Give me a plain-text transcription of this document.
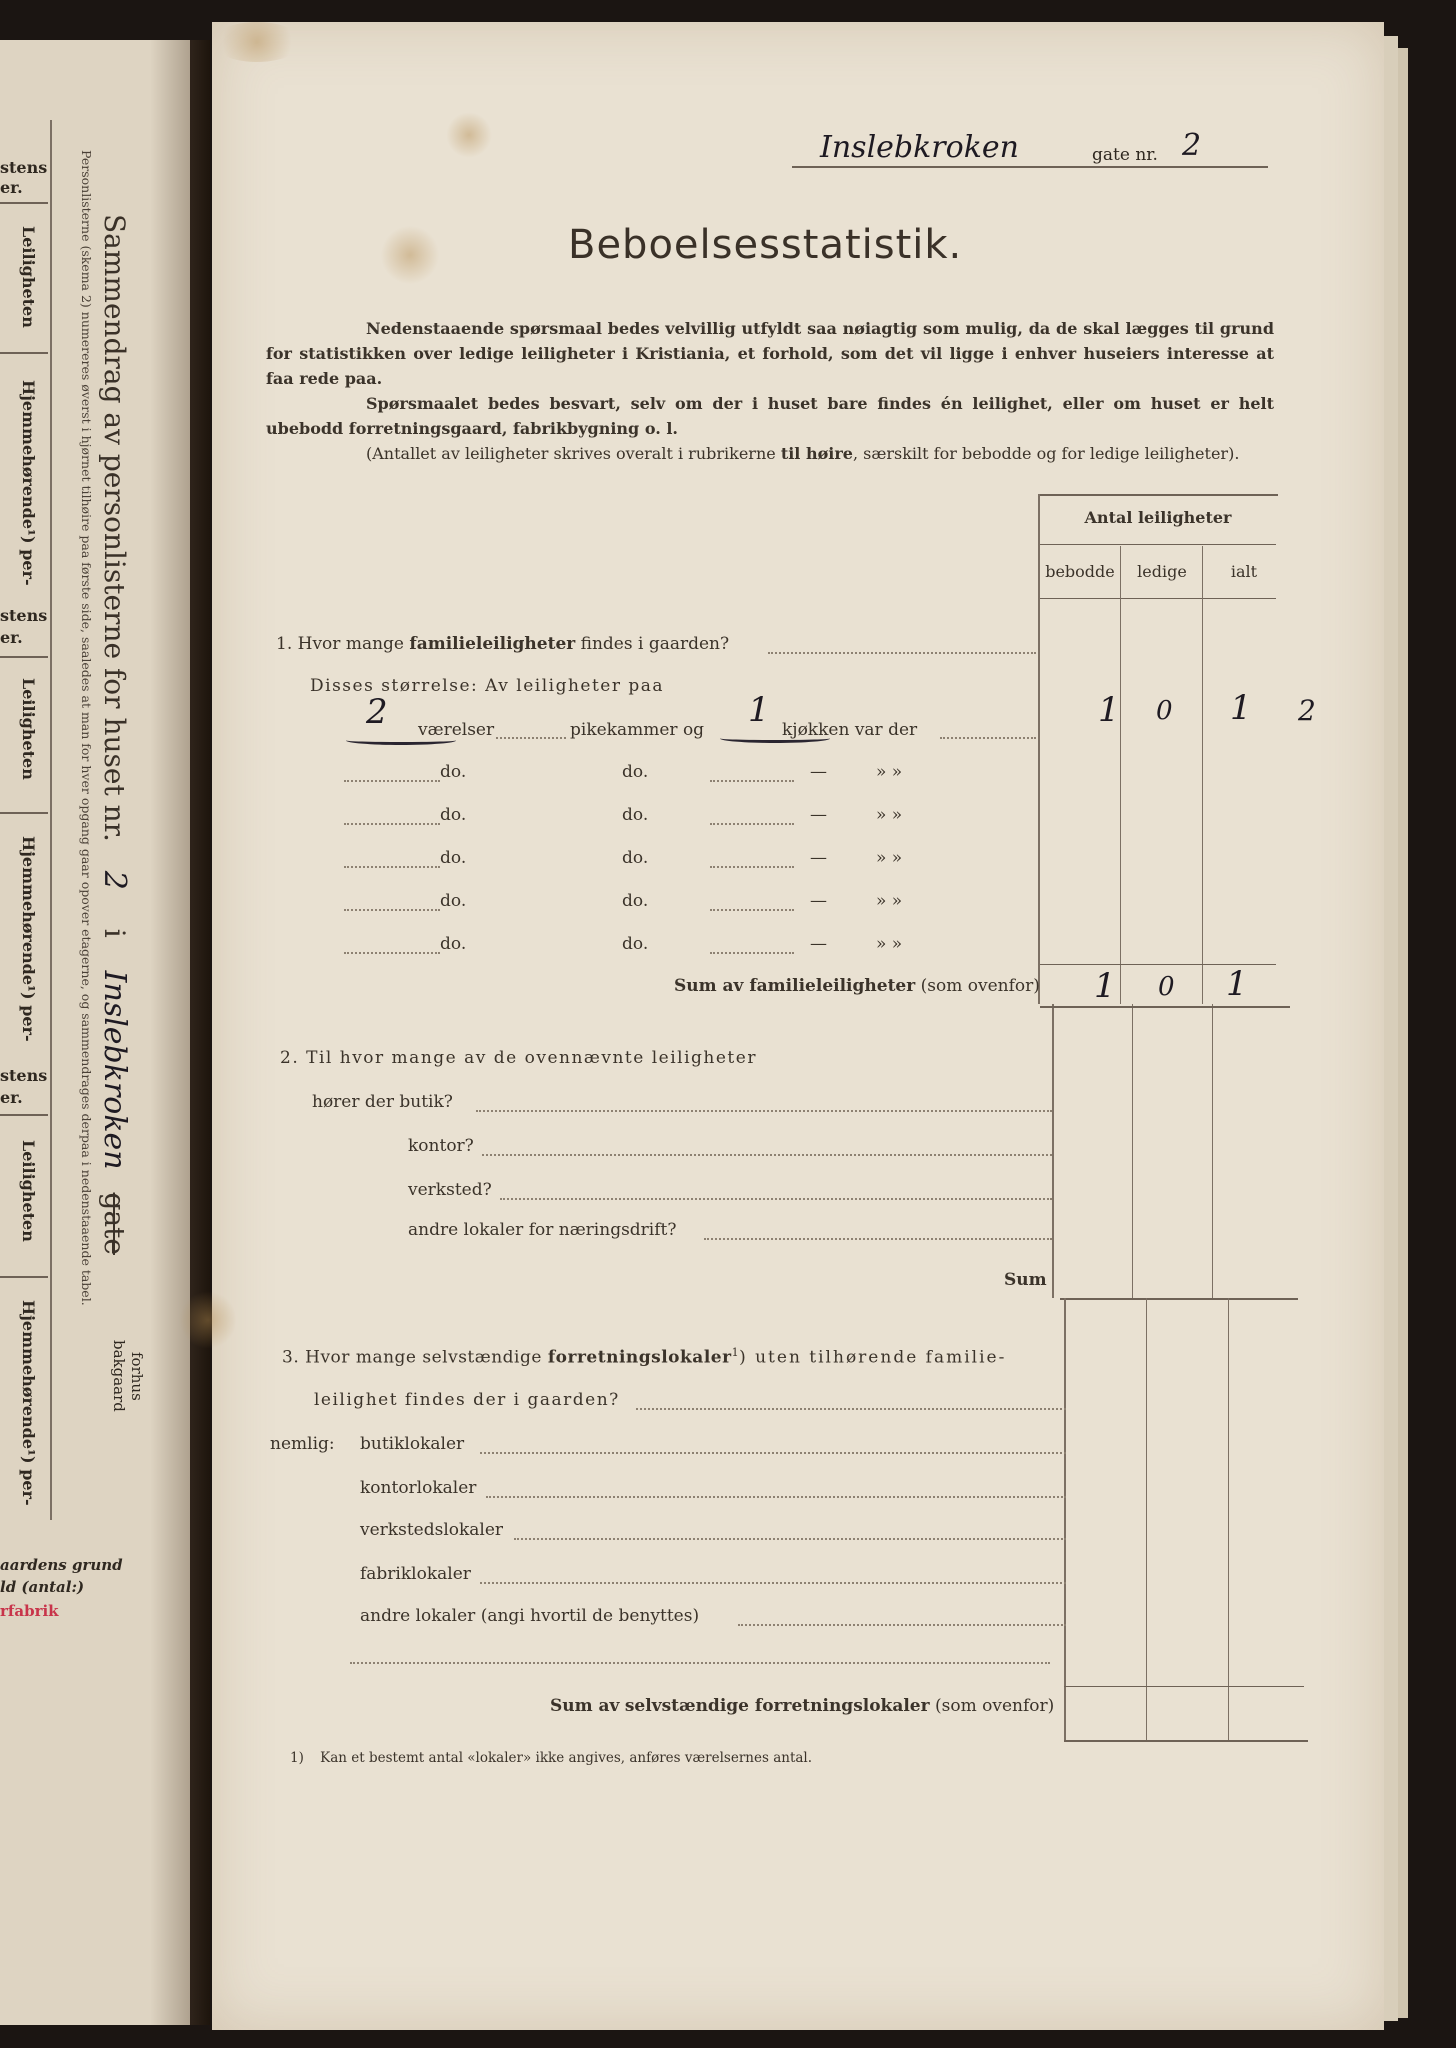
stens
er.
Leiligheten
Hjemmehørende¹) per-
stens
er.
Leiligheten
Hjemmehørende¹) per-
stens
er.
Leiligheten
Hjemmehørende¹) per-
aardens grund
ld (antal:)
rfabrik
Personlisterne (skema 2) numereres øverst i hjørnet tilhøire paa første side, saaledes at man for hver opgang gaar opover etagerne, og sammendrages derpaa i nedenstaaende tabel. Sammendrag av personlisterne for huset nr. 2 i Inslebkroken gate
forhus
bakgaard
Inslebkroken	gate nr. 2
Beboelsesstatistik.
Nedenstaaende spørsmaal bedes velvillig utfyldt saa nøiagtig som mulig, da de skal lægges til grund for statistikken over ledige leiligheter i Kristiania, et forhold, som det vil ligge i enhver huseiers interesse at faa rede paa.
Spørsmaalet bedes besvart, selv om der i huset bare findes én leilighet, eller om huset er helt ubebodd forretningsgaard, fabrikbygning o. l.
(Antallet av leiligheter skrives overalt i rubrikerne til høire, særskilt for bebodde og for ledige leiligheter).
Antal leiligheter
bebodde	ledige	ialt
1. Hvor mange familieleiligheter findes i gaarden?
Disses størrelse: Av leiligheter paa
2 værelser	pikekammer og 1 kjøkken var der	1 0 1 2
do.	do.	—	» »
do.	do.	—	» »
do.	do.	—	» »
do.	do.	—	» »
do.	do.	—	» »
Sum av familieleiligheter (som ovenfor) 1 0 1
2. Til hvor mange av de ovennævnte leiligheter
hører der butik?
kontor?
verksted?
andre lokaler for næringsdrift?
Sum
3. Hvor mange selvstændige forretningslokaler$^1$) uten tilhørende familie-
leilighet findes der i gaarden?
nemlig: butiklokaler
kontorlokaler
verkstedslokaler
fabriklokaler
andre lokaler (angi hvortil de benyttes)
Sum av selvstændige forretningslokaler (som ovenfor)
1) Kan et bestemt antal «lokaler» ikke angives, anføres værelsernes antal.
